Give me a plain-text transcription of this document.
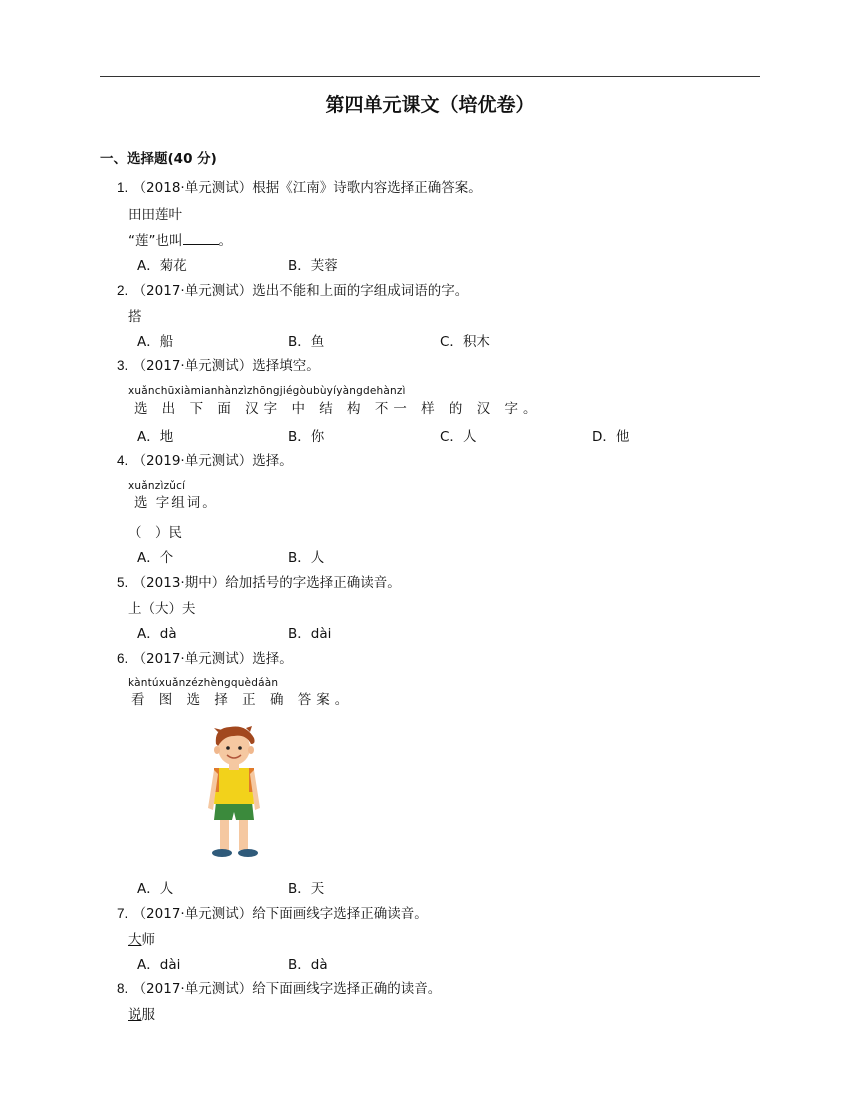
第四单元课文（培优卷）
一、选择题(40 分)
1. （2018·单元测试）根据《江南》诗歌内容选择正确答案。
田田莲叶
“莲”也叫	。
A．菊花	B．芙蓉
2. （2017·单元测试）选出不能和上面的字组成词语的字。
搭
A．船	B．鱼	C．积木
3. （2017·单元测试）选择填空。
xuǎnchūxiàmianhànzìzhōngjiégòubùyíyàngdehànzì
选 出 下 面 汉字 中 结 构 不一 样 的 汉 字。
A．地	B．你	C．人	D．他
4. （2019·单元测试）选择。
xuǎnzìzǔcí
选 字组词。
（　）民
A．个	B．人
5. （2013·期中）给加括号的字选择正确读音。
上（大）夫
A．dà	B．dài
6. （2017·单元测试）选择。
kàntúxuǎnzézhèngquèdáàn
看 图 选 择 正 确 答案。
A．人	B．天
7. （2017·单元测试）给下面画线字选择正确读音。
大师
A．dài	B．dà
8. （2017·单元测试）给下面画线字选择正确的读音。
说服
